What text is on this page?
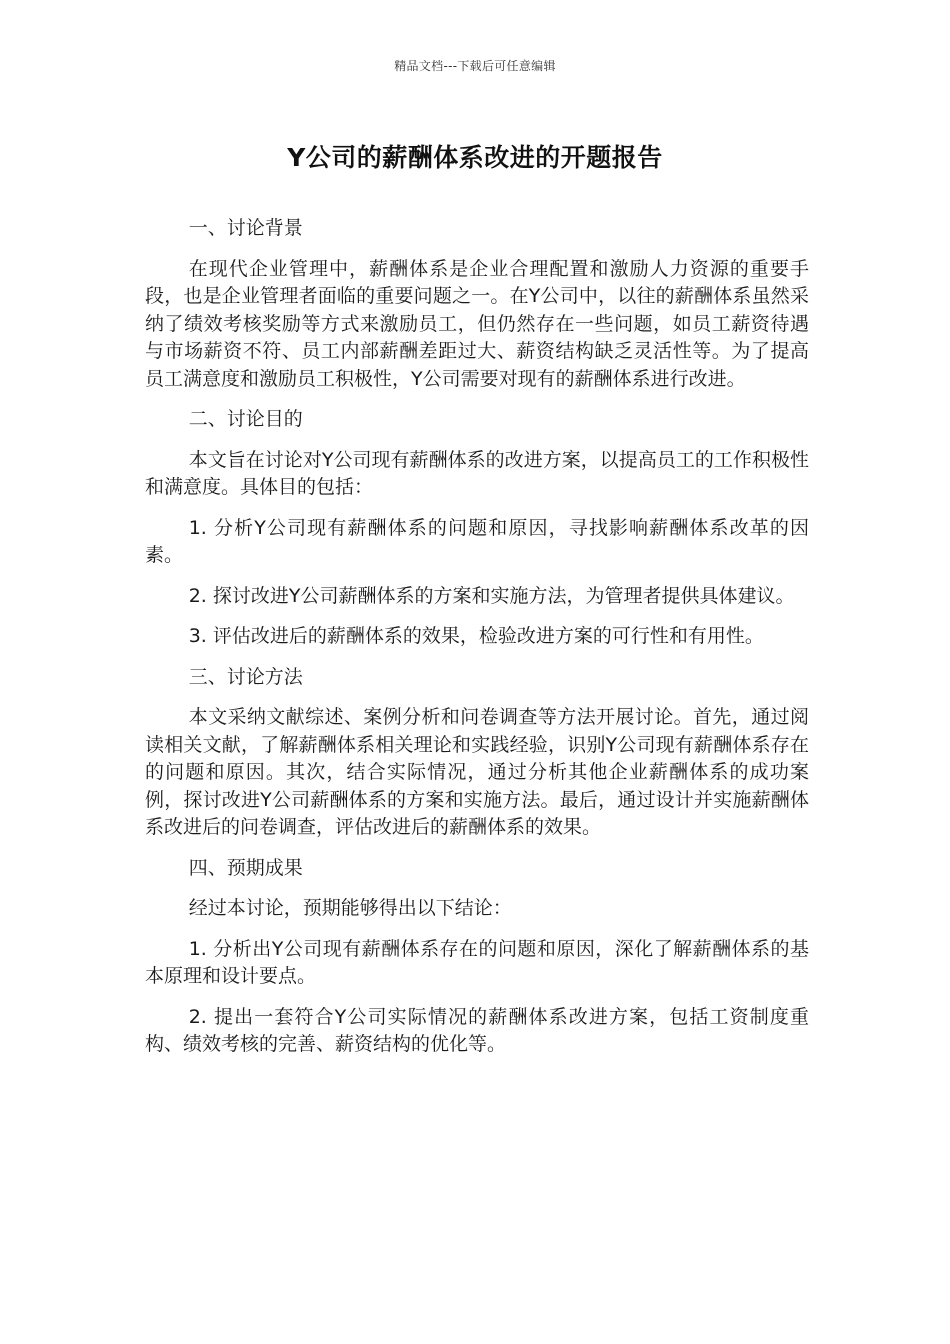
精品文档---下载后可任意编辑
Y公司的薪酬体系改进的开题报告

一、讨论背景

在现代企业管理中，薪酬体系是企业合理配置和激励人力资源的重要手段，也是企业管理者面临的重要问题之一。在Y公司中，以往的薪酬体系虽然采纳了绩效考核奖励等方式来激励员工，但仍然存在一些问题，如员工薪资待遇与市场薪资不符、员工内部薪酬差距过大、薪资结构缺乏灵活性等。为了提高员工满意度和激励员工积极性，Y公司需要对现有的薪酬体系进行改进。

二、讨论目的

本文旨在讨论对Y公司现有薪酬体系的改进方案，以提高员工的工作积极性和满意度。具体目的包括：

1. 分析Y公司现有薪酬体系的问题和原因，寻找影响薪酬体系改革的因素。

2. 探讨改进Y公司薪酬体系的方案和实施方法，为管理者提供具体建议。

3. 评估改进后的薪酬体系的效果，检验改进方案的可行性和有用性。

三、讨论方法

本文采纳文献综述、案例分析和问卷调查等方法开展讨论。首先，通过阅读相关文献，了解薪酬体系相关理论和实践经验，识别Y公司现有薪酬体系存在的问题和原因。其次，结合实际情况，通过分析其他企业薪酬体系的成功案例，探讨改进Y公司薪酬体系的方案和实施方法。最后，通过设计并实施薪酬体系改进后的问卷调查，评估改进后的薪酬体系的效果。

四、预期成果

经过本讨论，预期能够得出以下结论：

1. 分析出Y公司现有薪酬体系存在的问题和原因，深化了解薪酬体系的基本原理和设计要点。

2. 提出一套符合Y公司实际情况的薪酬体系改进方案，包括工资制度重构、绩效考核的完善、薪资结构的优化等。
